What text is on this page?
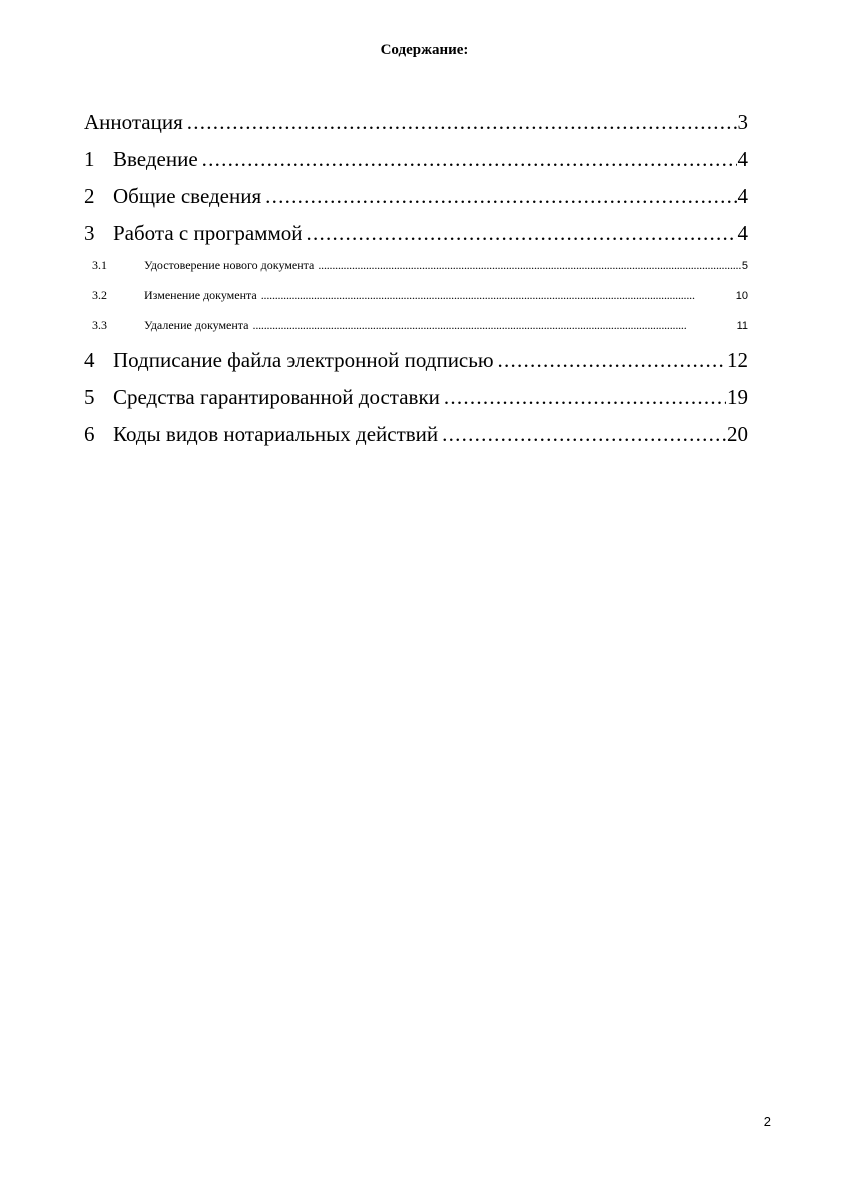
Содержание:
Аннотация . . .	3
1 Введение . . .	4
2 Общие сведения . . .	4
3 Работа с программой . . .	4
3.1	Удостоверение нового документа . . .	5
3.2	Изменение документа . . .	10
3.3	Удаление документа . . .	11
4 Подписание файла электронной подписью . . .	12
5 Средства гарантированной доставки . . .	19
6 Коды видов нотариальных действий . . .	20
2
